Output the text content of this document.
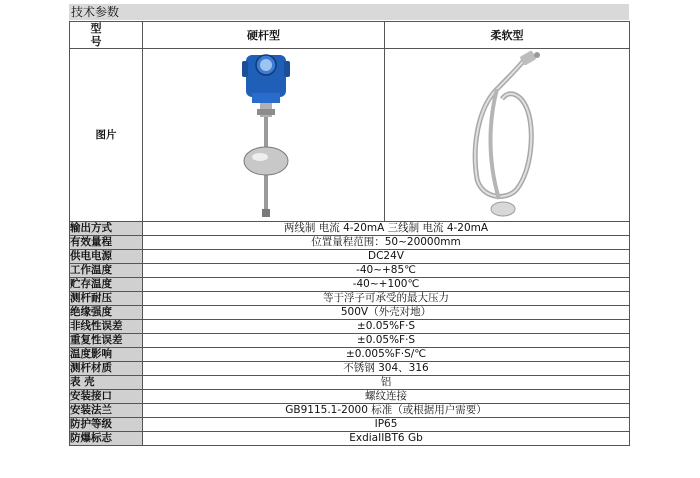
技术参数
型 号	硬杆型	柔软型
图片	

输出方式	两线制 电流 4-20mA 三线制 电流 4-20mA	
有效量程	位置量程范围：50~20000mm	
供电电源	DC24V	
工作温度	-40~+85℃	
贮存温度	-40~+100℃	
测杆耐压	等于浮子可承受的最大压力	
绝缘强度	500V（外壳对地）	
非线性误差	±0.05%F·S	
重复性误差	±0.05%F·S	
温度影响	±0.005%F·S/℃	
测杆材质	不锈钢 304、316	
表 壳	铝	
安装接口	螺纹连接	
安装法兰	GB9115.1-2000 标准（或根据用户需要）	
防护等级	IP65	
防爆标志	ExdiaIIBT6 Gb	
